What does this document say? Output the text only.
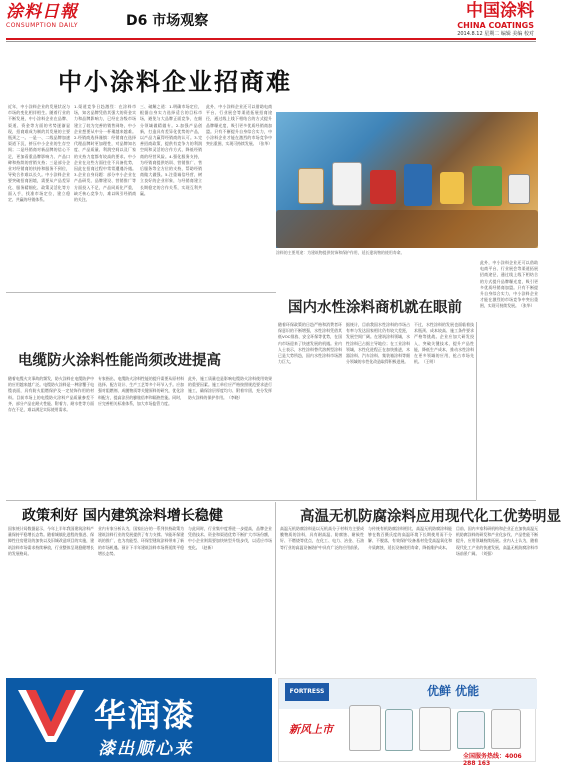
涂料日報
CONSUMPTION DAILY	D6 市场观察	中国涂料
CHINA COATINGS
2014.8.12 星期二 编辑 美编 校对
中小涂料企业招商难
近年，中小涂料企业的发展状况与市场的变化相伴相生。随着行业的不断发展，中小涂料企业在品牌、渠道、资金等方面的劣势逐渐显现，招商难成为制约其发展的主要瓶颈之一。一是一、二线品牌加速渠道下沉，挤压中小企业的生存空间；二是经销商对新品牌的信心不足，更加看重品牌影响力、产品口碑和持续的营销支持；三是部分企业对经销商的扶持和服务不到位，导致合作难以长久。中小涂料企业要突破招商困境，需要从产品差异化、服务精细化、政策灵活化等方面入手，找准市场定位，建立稳定、共赢的经销体系。
1.渠道竞争日趋激烈：在涂料市场，知名品牌凭借其强大的资金实力和品牌影响力，已经在各级市场建立了较为完善的销售网络，中小企业想要从中分一杯羹越来越难。2.经销商选择谨慎：经销商在选择代理品牌时更加理性，对品牌知名度、产品质量、利润空间以及厂家的支持力度都有较高的要求。中小企业在这些方面往往不具备优势，因此在招商过程中常常遭遇冷遇。3.企业自身问题：部分中小企业在产品研发、品牌建设、营销推广等方面投入不足，产品同质化严重，缺乏核心竞争力，难以吸引经销商的关注。
三、破解之道：1.明确市场定位，根据自身实力选择适合的目标市场，避免与大品牌正面竞争，在细分领域做精做专。2.加强产品创新，打造具有差异化优势的产品，以产品力赢得经销商的认可。3.完善招商政策，提供有竞争力的利润空间和灵活的合作方式，降低经销商的经营风险。4.强化服务支持，为经销商提供培训、营销推广、售后服务等全方位的支持，帮助经销商做大做强。5.注重诚信经营，树立良好的企业形象，与经销商建立长期稳定的合作关系，实现互利共赢。
此外，中小涂料企业还可以借助电商平台、行业展会等渠道拓展招商途径，通过线上线下相结合的方式提升品牌曝光度，吸引更多优质经销商加盟。只有不断提升自身综合实力，中小涂料企业才能在激烈的市场竞争中突出重围，实现可持续发展。（张华）
涂料的主要用途：为建筑物提供装饰和保护作用，延长建筑物的使用寿命。
国内水性涂料商机就在眼前
随着环保政策的日趋严格和消费者环保意识的不断增强，水性涂料凭借其低VOC排放、安全环保等优势，在国内市场迎来了快速发展的机遇。业内人士表示，水性涂料替代溶剂型涂料已是大势所趋，国内水性涂料市场潜力巨大。
据统计，目前我国水性涂料的市场占有率与发达国家相比仍有较大差距，发展空间广阔。在建筑涂料领域，水性涂料已占据主导地位；在工业涂料领域，水性化进程正在加快推进，木器涂料、汽车涂料、集装箱涂料等细分领域的水性化改造取得积极进展。
不过，水性涂料的发展也面临着技术瓶颈、成本较高、施工条件要求严格等挑战。企业应加大研发投入，突破关键技术，提升产品性能，降低生产成本，推动水性涂料在更多领域的应用，抢占市场先机。（王明）
此外，中小涂料企业还可以借助电商平台、行业展会等渠道拓展招商途径，通过线上线下相结合的方式提升品牌曝光度，吸引更多优质经销商加盟。只有不断提升自身综合实力，中小涂料企业才能在激烈的市场竞争中突出重围，实现可持续发展。（张华）
电缆防火涂料性能尚须改进提高
随着电缆火灾事故的频发，防火涂料在电缆防护中的应用越来越广泛。电缆防火涂料是一种涂覆于电缆表面，具有防火阻燃保护及一定装饰作用的材料。目前市场上的电缆防火涂料产品质量参差不齐，部分产品在耐火性能、附着力、耐水性等方面存在不足，难以满足实际使用需求。
专家指出，电缆防火涂料性能的提升需要从原材料选择、配方设计、生产工艺等多个环节入手。应加强对阻燃剂、成膜物质等关键原料的研究，优化涂料配方，提高涂层的膨胀倍率和隔热性能。同时，应完善相关标准体系，加大市场监管力度。
此外，施工质量也是影响电缆防火涂料使用效果的重要因素。施工单位应严格按照规范要求进行施工，确保涂层厚度均匀、附着牢固，充分发挥防火涂料的保护作用。（李晓）
政策利好 国内建筑涂料增长稳健
国家统计局数据显示，今年上半年我国建筑涂料产量保持平稳增长态势。随着城镇化进程的推进、保障性住房建设的加快以及旧城改造项目的实施，建筑涂料市场需求持续释放，行业整体呈现稳健增长的发展格局。
业内专家分析认为，国家出台的一系列扶持政策为建筑涂料行业的发展提供了有力支撑。节能环保建筑的推广，也为功能型、环保型建筑涂料带来了新的市场机遇。预计下半年建筑涂料市场将延续平稳增长态势。
与此同时，行业集中度将进一步提高，品牌企业凭借技术、资金和渠道优势不断扩大市场份额，中小企业则需要加快转型升级步伐，以适应市场变化。（赵新）
高温无机防腐涂料应用现代化工优势明显
高温无机防腐涂料是以无机高分子材料为主要成膜物质的涂料，具有耐高温、防腐蚀、耐候性好、不燃烧等优点，在化工、电力、冶金、石油等行业的高温设备防护中具有广泛的应用前景。
与传统有机防腐涂料相比，高温无机防腐涂料能够在数百摄氏度的高温环境下长期使用而不分解、不脱落，有效保护设备基材免受高温氧化和介质腐蚀，延长设备使用寿命，降低维护成本。
目前，国内多家科研机构和企业正在加快高温无机防腐涂料的研发和产业化步伐，产品性能不断提升，应用领域持续拓展。业内人士认为，随着现代化工产业的快速发展，高温无机防腐涂料市场前景广阔。（刘强）
华润漆
漆出顺心来
FORTRESS	优鲜 优能
新风上市
全国服务热线：4006 288 163
